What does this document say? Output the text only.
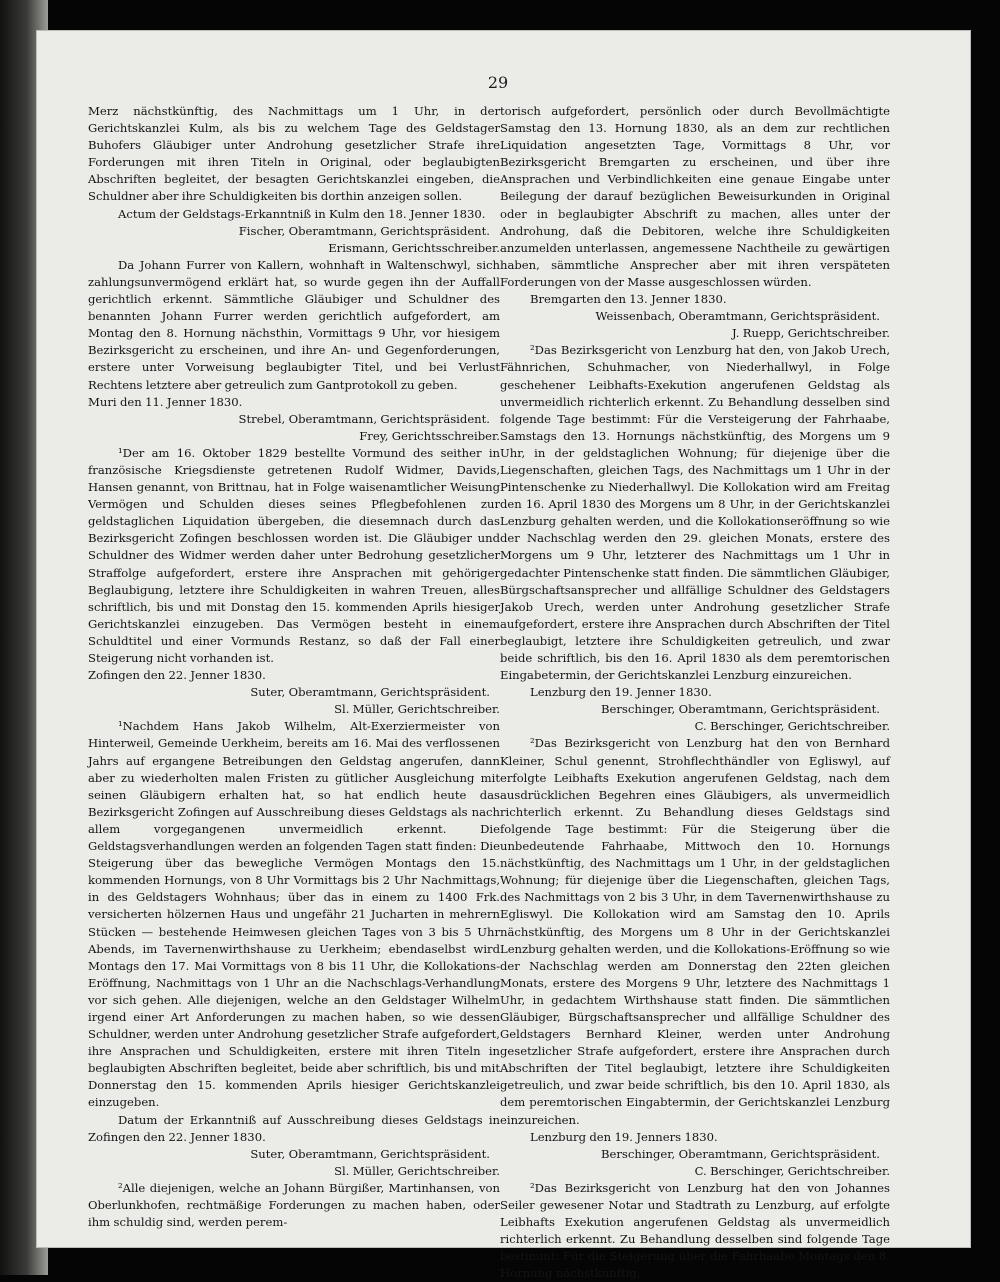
29

Merz nächstkünftig, des Nachmittags um 1 Uhr, in der Gerichtskanzlei Kulm, als bis zu welchem Tage des Geldstager Buhofers Gläubiger unter Androhung gesetzlicher Strafe ihre Forderungen mit ihren Titeln in Original, oder beglaubigten Abschriften begleitet, der besagten Gerichtskanzlei eingeben, die Schuldner aber ihre Schuldigkeiten bis dorthin anzeigen sollen.

Actum der Geldstags-Erkanntniß in Kulm den 18. Jenner 1830.

Fischer, Oberamtmann, Gerichtspräsident.

Erismann, Gerichtsschreiber.

Da Johann Furrer von Kallern, wohnhaft in Waltenschwyl, sich zahlungsunvermögend erklärt hat, so wurde gegen ihn der Auffall gerichtlich erkennt. Sämmtliche Gläubiger und Schuldner des benannten Johann Furrer werden gerichtlich aufgefordert, am Montag den 8. Hornung nächsthin, Vormittags 9 Uhr, vor hiesigem Bezirksgericht zu erscheinen, und ihre An- und Gegenforderungen, erstere unter Vorweisung beglaubigter Titel, und bei Verlust Rechtens letztere aber getreulich zum Gantprotokoll zu geben.

Muri den 11. Jenner 1830.

Strebel, Oberamtmann, Gerichtspräsident.

Frey, Gerichtsschreiber.

¹Der am 16. Oktober 1829 bestellte Vormund des seither in französische Kriegsdienste getretenen Rudolf Widmer, Davids, Hansen genannt, von Brittnau, hat in Folge waisenamtlicher Weisung Vermögen und Schulden dieses seines Pflegbefohlenen zur geldstaglichen Liquidation übergeben, die diesemnach durch das Bezirksgericht Zofingen beschlossen worden ist. Die Gläubiger und Schuldner des Widmer werden daher unter Bedrohung gesetzlicher Straffolge aufgefordert, erstere ihre Ansprachen mit gehöriger Beglaubigung, letztere ihre Schuldigkeiten in wahren Treuen, alles schriftlich, bis und mit Donstag den 15. kommenden Aprils hiesiger Gerichtskanzlei einzugeben. Das Vermögen besteht in einem Schuldtitel und einer Vormunds Restanz, so daß der Fall einer Steigerung nicht vorhanden ist.

Zofingen den 22. Jenner 1830.

Suter, Oberamtmann, Gerichtspräsident.

Sl. Müller, Gerichtschreiber.

¹Nachdem Hans Jakob Wilhelm, Alt-Exerziermeister von Hinterweil, Gemeinde Uerkheim, bereits am 16. Mai des verflossenen Jahrs auf ergangene Betreibungen den Geldstag angerufen, dann aber zu wiederholten malen Fristen zu gütlicher Ausgleichung mit seinen Gläubigern erhalten hat, so hat endlich heute das Bezirksgericht Zofingen auf Ausschreibung dieses Geldstags als nach allem vorgegangenen unvermeidlich erkennt. Die Geldstagsverhandlungen werden an folgenden Tagen statt finden: Die Steigerung über das bewegliche Vermögen Montags den 15. kommenden Hornungs, von 8 Uhr Vormittags bis 2 Uhr Nachmittags, in des Geldstagers Wohnhaus; über das in einem zu 1400 Frk. versicherten hölzernen Haus und ungefähr 21 Jucharten in mehrern Stücken — bestehende Heimwesen gleichen Tages von 3 bis 5 Uhr Abends, im Tavernenwirthshause zu Uerkheim; ebendaselbst wird Montags den 17. Mai Vormittags von 8 bis 11 Uhr, die Kollokations-Eröffnung, Nachmittags von 1 Uhr an die Nachschlags-Verhandlung vor sich gehen. Alle diejenigen, welche an den Geldstager Wilhelm irgend einer Art Anforderungen zu machen haben, so wie dessen Schuldner, werden unter Androhung gesetzlicher Strafe aufgefordert, ihre Ansprachen und Schuldigkeiten, erstere mit ihren Titeln in beglaubigten Abschriften begleitet, beide aber schriftlich, bis und mit Donnerstag den 15. kommenden Aprils hiesiger Gerichtskanzlei einzugeben.

Datum der Erkanntniß auf Ausschreibung dieses Geldstags in Zofingen den 22. Jenner 1830.

Suter, Oberamtmann, Gerichtspräsident.

Sl. Müller, Gerichtschreiber.

²Alle diejenigen, welche an Johann Bürgißer, Martinhansen, von Oberlunkhofen, rechtmäßige Forderungen zu machen haben, oder ihm schuldig sind, werden perem-

torisch aufgefordert, persönlich oder durch Bevollmächtigte Samstag den 13. Hornung 1830, als an dem zur rechtlichen Liquidation angesetzten Tage, Vormittags 8 Uhr, vor Bezirksgericht Bremgarten zu erscheinen, und über ihre Ansprachen und Verbindlichkeiten eine genaue Eingabe unter Beilegung der darauf bezüglichen Beweisurkunden in Original oder in beglaubigter Abschrift zu machen, alles unter der Androhung, daß die Debitoren, welche ihre Schuldigkeiten anzumelden unterlassen, angemessene Nachtheile zu gewärtigen haben, sämmtliche Ansprecher aber mit ihren verspäteten Forderungen von der Masse ausgeschlossen würden.

Bremgarten den 13. Jenner 1830.

Weissenbach, Oberamtmann, Gerichtspräsident.

J. Ruepp, Gerichtschreiber.

²Das Bezirksgericht von Lenzburg hat den, von Jakob Urech, Fähnrichen, Schuhmacher, von Niederhallwyl, in Folge geschehener Leibhafts-Exekution angerufenen Geldstag als unvermeidlich richterlich erkennt. Zu Behandlung desselben sind folgende Tage bestimmt: Für die Versteigerung der Fahrhaabe, Samstags den 13. Hornungs nächstkünftig, des Morgens um 9 Uhr, in der geldstaglichen Wohnung; für diejenige über die Liegenschaften, gleichen Tags, des Nachmittags um 1 Uhr in der Pintenschenke zu Niederhallwyl. Die Kollokation wird am Freitag den 16. April 1830 des Morgens um 8 Uhr, in der Gerichtskanzlei Lenzburg gehalten werden, und die Kollokationseröffnung so wie der Nachschlag werden den 29. gleichen Monats, erstere des Morgens um 9 Uhr, letzterer des Nachmittags um 1 Uhr in gedachter Pintenschenke statt finden. Die sämmtlichen Gläubiger, Bürgschaftsansprecher und allfällige Schuldner des Geldstagers Jakob Urech, werden unter Androhung gesetzlicher Strafe aufgefordert, erstere ihre Ansprachen durch Abschriften der Titel beglaubigt, letztere ihre Schuldigkeiten getreulich, und zwar beide schriftlich, bis den 16. April 1830 als dem peremtorischen Eingabetermin, der Gerichtskanzlei Lenzburg einzureichen.

Lenzburg den 19. Jenner 1830.

Berschinger, Oberamtmann, Gerichtspräsident.

C. Berschinger, Gerichtschreiber.

²Das Bezirksgericht von Lenzburg hat den von Bernhard Kleiner, Schul genennt, Strohflechthändler von Egliswyl, auf erfolgte Leibhafts Exekution angerufenen Geldstag, nach dem ausdrücklichen Begehren eines Gläubigers, als unvermeidlich richterlich erkennt. Zu Behandlung dieses Geldstags sind folgende Tage bestimmt: Für die Steigerung über die unbedeutende Fahrhaabe, Mittwoch den 10. Hornungs nächstkünftig, des Nachmittags um 1 Uhr, in der geldstaglichen Wohnung; für diejenige über die Liegenschaften, gleichen Tags, des Nachmittags von 2 bis 3 Uhr, in dem Tavernenwirthshause zu Egliswyl. Die Kollokation wird am Samstag den 10. Aprils nächstkünftig, des Morgens um 8 Uhr in der Gerichtskanzlei Lenzburg gehalten werden, und die Kollokations-Eröffnung so wie der Nachschlag werden am Donnerstag den 22ten gleichen Monats, erstere des Morgens 9 Uhr, letztere des Nachmittags 1 Uhr, in gedachtem Wirthshause statt finden. Die sämmtlichen Gläubiger, Bürgschaftsansprecher und allfällige Schuldner des Geldstagers Bernhard Kleiner, werden unter Androhung gesetzlicher Strafe aufgefordert, erstere ihre Ansprachen durch Abschriften der Titel beglaubigt, letztere ihre Schuldigkeiten getreulich, und zwar beide schriftlich, bis den 10. April 1830, als dem peremtorischen Eingabtermin, der Gerichtskanzlei Lenzburg einzureichen.

Lenzburg den 19. Jenners 1830.

Berschinger, Oberamtmann, Gerichtspräsident.

C. Berschinger, Gerichtschreiber.

²Das Bezirksgericht von Lenzburg hat den von Johannes Seiler gewesener Notar und Stadtrath zu Lenzburg, auf erfolgte Leibhafts Exekution angerufenen Geldstag als unvermeidlich richterlich erkennt. Zu Behandlung desselben sind folgende Tage bestimmt: Für die Steigerung über die Fahrhaabe Montags den 8. Hornung nächstkünftig,
